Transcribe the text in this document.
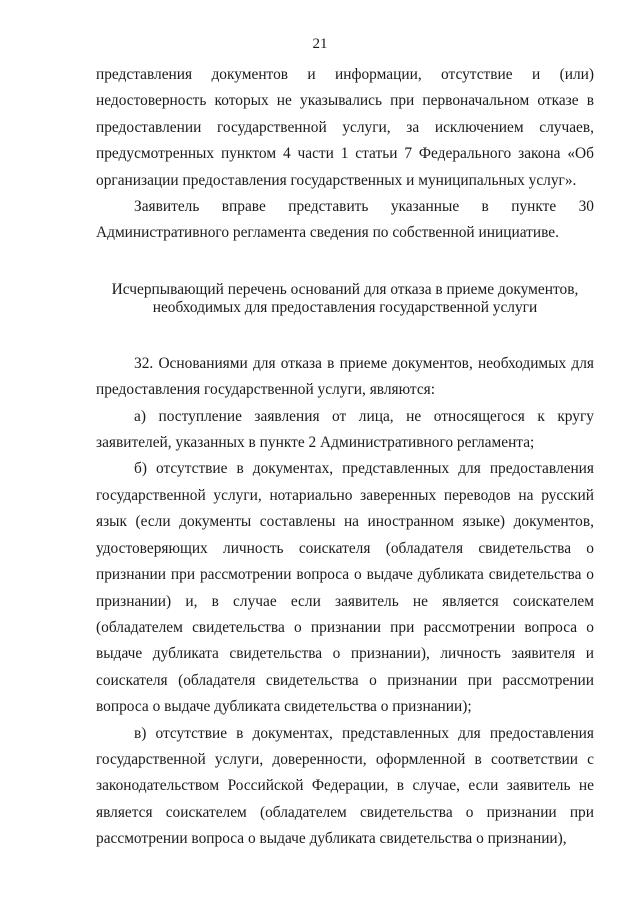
21

представления документов и информации, отсутствие и (или) недостоверность которых не указывались при первоначальном отказе в предоставлении государственной услуги, за исключением случаев, предусмотренных пунктом 4 части 1 статьи 7 Федерального закона «Об организации предоставления государственных и муниципальных услуг».

Заявитель вправе представить указанные в пункте 30 Административного регламента сведения по собственной инициативе.

Исчерпывающий перечень оснований для отказа в приеме документов,
необходимых для предоставления государственной услуги

32. Основаниями для отказа в приеме документов, необходимых для предоставления государственной услуги, являются:

а) поступление заявления от лица, не относящегося к кругу заявителей, указанных в пункте 2 Административного регламента;

б) отсутствие в документах, представленных для предоставления государственной услуги, нотариально заверенных переводов на русский язык (если документы составлены на иностранном языке) документов, удостоверяющих личность соискателя (обладателя свидетельства о признании при рассмотрении вопроса о выдаче дубликата свидетельства о признании) и, в случае если заявитель не является соискателем (обладателем свидетельства о признании при рассмотрении вопроса о выдаче дубликата свидетельства о признании), личность заявителя и соискателя (обладателя свидетельства о признании при рассмотрении вопроса о выдаче дубликата свидетельства о признании);

в) отсутствие в документах, представленных для предоставления государственной услуги, доверенности, оформленной в соответствии с законодательством Российской Федерации, в случае, если заявитель не является соискателем (обладателем свидетельства о признании при рассмотрении вопроса о выдаче дубликата свидетельства о признании),
